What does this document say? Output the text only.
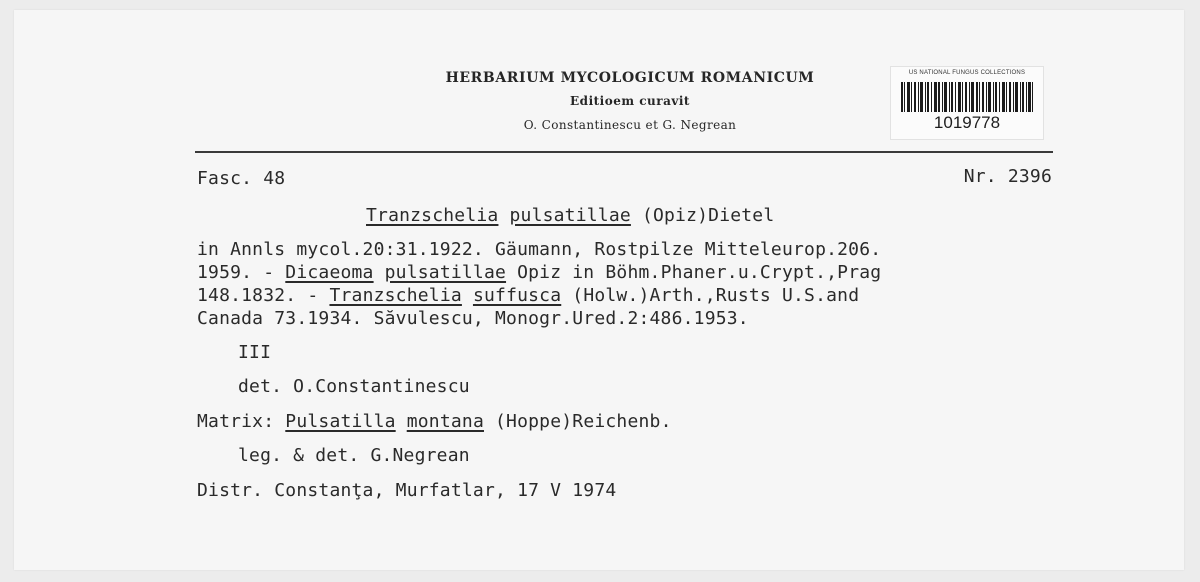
HERBARIUM MYCOLOGICUM ROMANICUM
Editioem curavit
O. Constantinescu et G. Negrean
US NATIONAL FUNGUS COLLECTIONS
1019778
Fasc. 48	Nr. 2396
Tranzschelia pulsatillae (Opiz)Dietel
in Annls mycol.20:31.1922. Gäumann, Rostpilze Mitteleurop.206.
1959. - Dicaeoma pulsatillae Opiz in Böhm.Phaner.u.Crypt.,Prag
148.1832. - Tranzschelia suffusca (Holw.)Arth.,Rusts U.S.and
Canada 73.1934. Săvulescu, Monogr.Ured.2:486.1953.
III
det. O.Constantinescu
Matrix: Pulsatilla montana (Hoppe)Reichenb.
leg. & det. G.Negrean
Distr. Constanţa, Murfatlar, 17 V 1974
